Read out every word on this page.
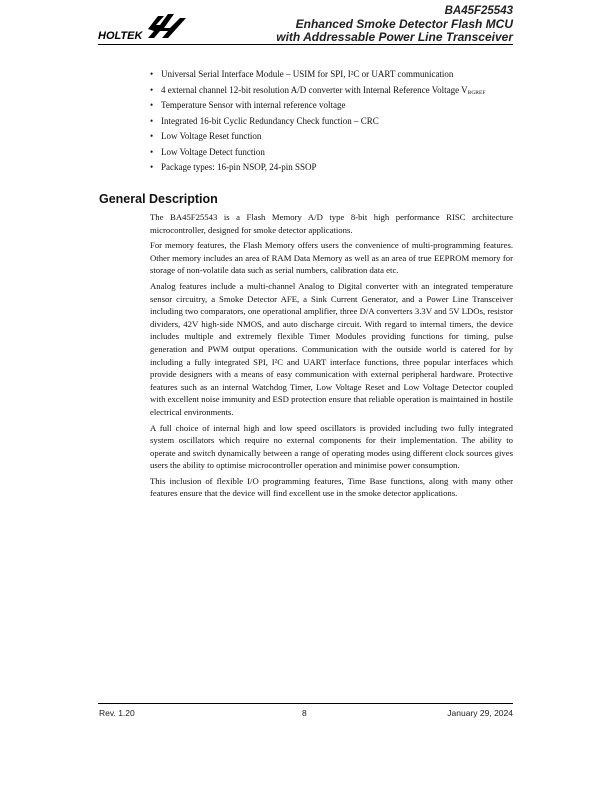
HOLTEK
BA45F25543
Enhanced Smoke Detector Flash MCU
with Addressable Power Line Transceiver
• Universal Serial Interface Module – USIM for SPI, I²C or UART communication
• 4 external channel 12-bit resolution A/D converter with Internal Reference Voltage $V_{BGREF}$
• Temperature Sensor with internal reference voltage
• Integrated 16-bit Cyclic Redundancy Check function – CRC
• Low Voltage Reset function
• Low Voltage Detect function
• Package types: 16-pin NSOP, 24-pin SSOP
General Description

The BA45F25543 is a Flash Memory A/D type 8-bit high performance RISC architecture microcontroller, designed for smoke detector applications.

For memory features, the Flash Memory offers users the convenience of multi-programming features. Other memory includes an area of RAM Data Memory as well as an area of true EEPROM memory for storage of non-volatile data such as serial numbers, calibration data etc.

Analog features include a multi-channel Analog to Digital converter with an integrated temperature sensor circuitry, a Smoke Detector AFE, a Sink Current Generator, and a Power Line Transceiver including two comparators, one operational amplifier, three D/A converters 3.3V and 5V LDOs, resistor dividers, 42V high-side NMOS, and auto discharge circuit. With regard to internal timers, the device includes multiple and extremely flexible Timer Modules providing functions for timing, pulse generation and PWM output operations. Communication with the outside world is catered for by including a fully integrated SPI, I²C and UART interface functions, three popular interfaces which provide designers with a means of easy communication with external peripheral hardware. Protective features such as an internal Watchdog Timer, Low Voltage Reset and Low Voltage Detector coupled with excellent noise immunity and ESD protection ensure that reliable operation is maintained in hostile electrical environments.

A full choice of internal high and low speed oscillators is provided including two fully integrated system oscillators which require no external components for their implementation. The ability to operate and switch dynamically between a range of operating modes using different clock sources gives users the ability to optimise microcontroller operation and minimise power consumption.

This inclusion of flexible I/O programming features, Time Base functions, along with many other features ensure that the device will find excellent use in the smoke detector applications.

Rev. 1.20	8	January 29, 2024
